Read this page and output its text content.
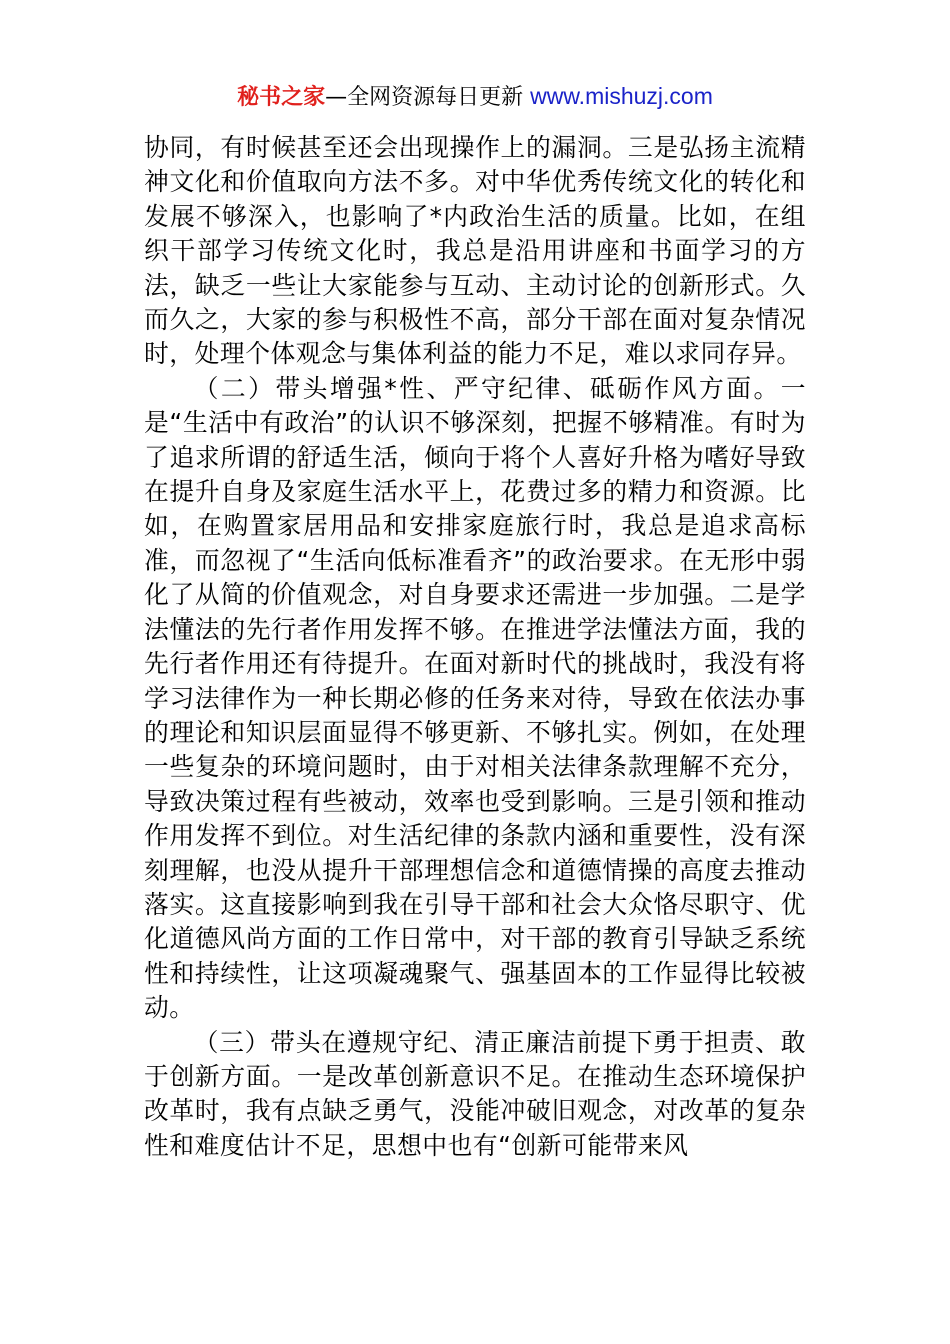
秘书之家—全网资源每日更新 www.mishuzj.com

协同，有时候甚至还会出现操作上的漏洞。三是弘扬主流精神文化和价值取向方法不多。对中华优秀传统文化的转化和发展不够深入，也影响了*内政治生活的质量。比如，在组织干部学习传统文化时，我总是沿用讲座和书面学习的方法，缺乏一些让大家能参与互动、主动讨论的创新形式。久而久之，大家的参与积极性不高，部分干部在面对复杂情况时，处理个体观念与集体利益的能力不足，难以求同存异。

（二）带头增强*性、严守纪律、砥砺作风方面。一是“生活中有政治”的认识不够深刻，把握不够精准。有时为了追求所谓的舒适生活，倾向于将个人喜好升格为嗜好导致在提升自身及家庭生活水平上，花费过多的精力和资源。比如，在购置家居用品和安排家庭旅行时，我总是追求高标准，而忽视了“生活向低标准看齐”的政治要求。在无形中弱化了从简的价值观念，对自身要求还需进一步加强。二是学法懂法的先行者作用发挥不够。在推进学法懂法方面，我的先行者作用还有待提升。在面对新时代的挑战时，我没有将学习法律作为一种长期必修的任务来对待，导致在依法办事的理论和知识层面显得不够更新、不够扎实。例如，在处理一些复杂的环境问题时，由于对相关法律条款理解不充分，导致决策过程有些被动，效率也受到影响。三是引领和推动作用发挥不到位。对生活纪律的条款内涵和重要性，没有深刻理解，也没从提升干部理想信念和道德情操的高度去推动落实。这直接影响到我在引导干部和社会大众恪尽职守、优化道德风尚方面的工作日常中，对干部的教育引导缺乏系统性和持续性，让这项凝魂聚气、强基固本的工作显得比较被动。

（三）带头在遵规守纪、清正廉洁前提下勇于担责、敢于创新方面。一是改革创新意识不足。在推动生态环境保护改革时，我有点缺乏勇气，没能冲破旧观念，对改革的复杂性和难度估计不足，思想中也有“创新可能带来风
